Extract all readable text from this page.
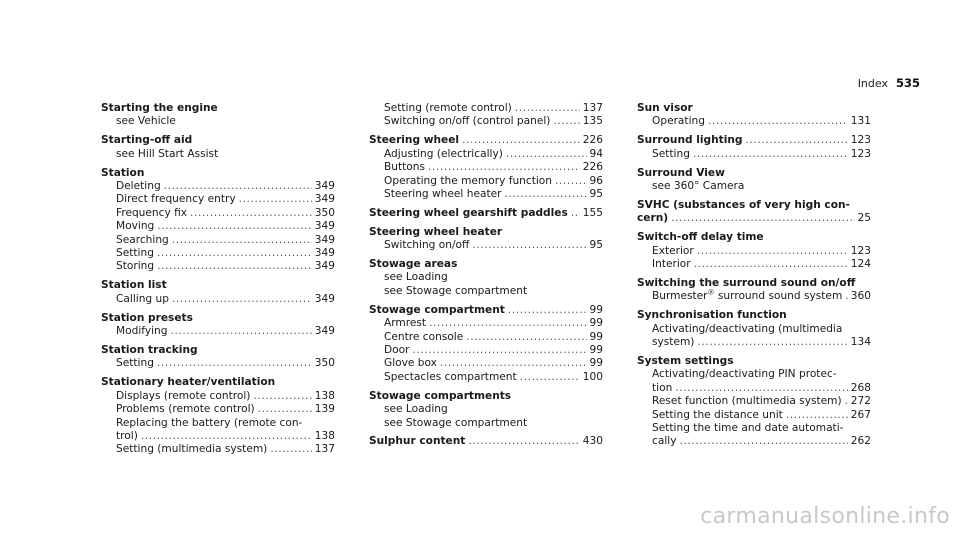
Index 535
Starting the engine
see Vehicle
Starting-off aid
see Hill Start Assist
Station
Deleting .....	349
Direct frequency entry .....	349
Frequency fix .....	350
Moving .....	349
Searching .....	349
Setting .....	349
Storing .....	349
Station list
Calling up .....	349
Station presets
Modifying .....	349
Station tracking
Setting .....	350
Stationary heater/ventilation
Displays (remote control) .....	138
Problems (remote control) .....	139
Replacing the battery (remote con-
trol) .....	138
Setting (multimedia system) .....	137
Setting (remote control) .....	137
Switching on/off (control panel) .....	135
Steering wheel .....	226
Adjusting (electrically) .....	94
Buttons .....	226
Operating the memory function .....	96
Steering wheel heater .....	95
Steering wheel gearshift paddles ..... 155
Steering wheel heater
Switching on/off .....	95
Stowage areas
see Loading
see Stowage compartment
Stowage compartment .....	99
Armrest .....	99
Centre console .....	99
Door .....	99
Glove box .....	99
Spectacles compartment .....	100
Stowage compartments
see Loading
see Stowage compartment
Sulphur content .....	430
Sun visor
Operating .....	131
Surround lighting .....	123
Setting .....	123
Surround View
see 360° Camera
SVHC (substances of very high con-
cern) .....	25
Switch-off delay time
Exterior .....	123
Interior .....	124
Switching the surround sound on/off
Burmester® surround sound system ..... 360
Synchronisation function
Activating/deactivating (multimedia
system) .....	134
System settings
Activating/deactivating PIN protec-
tion .....	268
Reset function (multimedia system) ..... 272
Setting the distance unit .....	267
Setting the time and date automati-
cally .....	262
carmanualsonline.info
